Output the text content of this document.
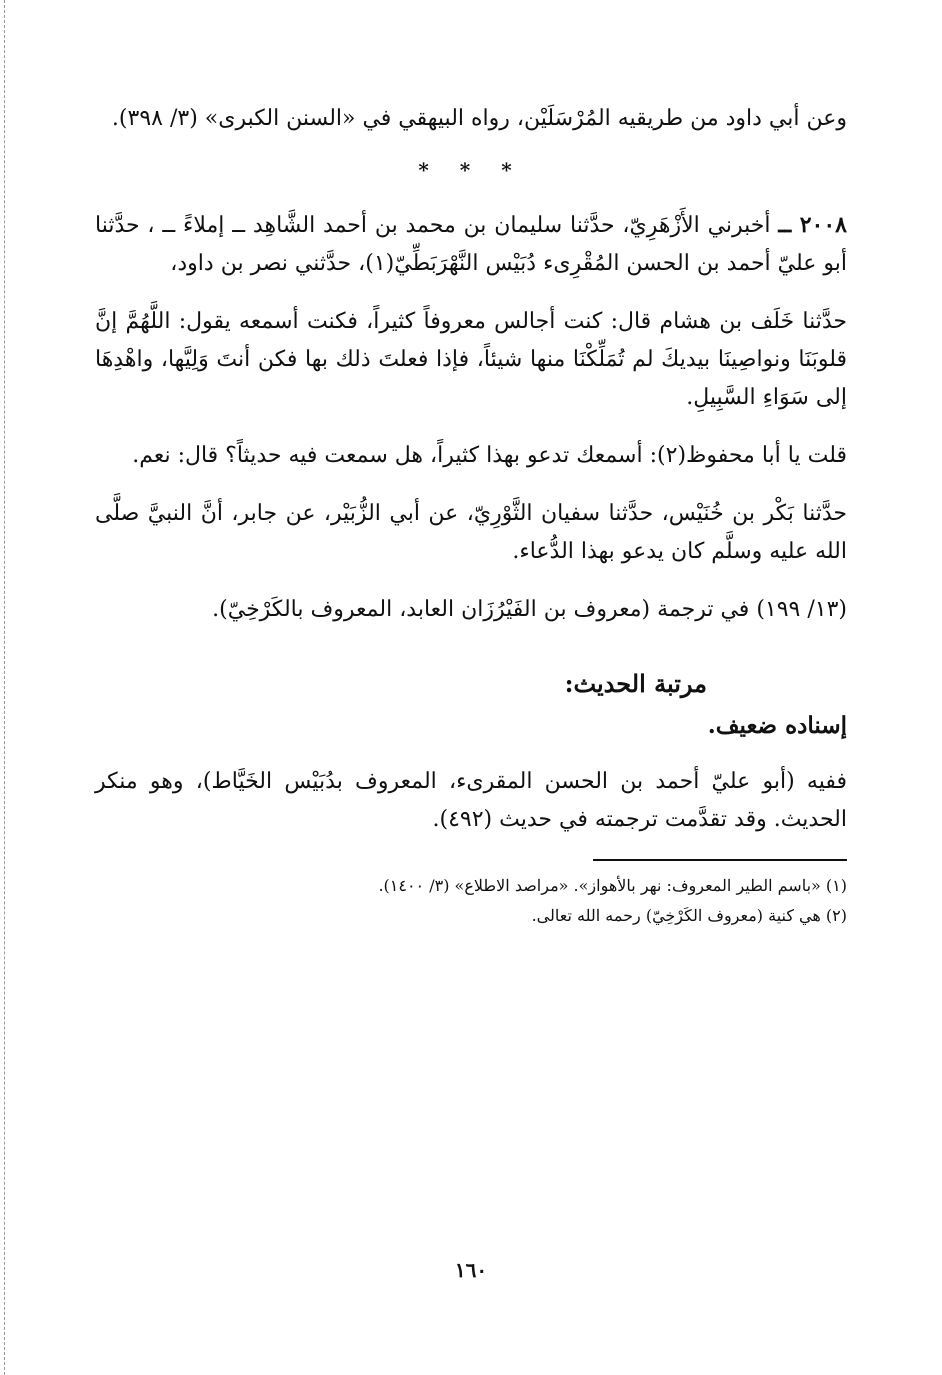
وعن أبي داود من طريقيه المُرْسَلَيْن، رواه البيهقي في «السنن الكبرى» (٣/ ٣٩٨).

* * *

٢٠٠٨ ــ أخبرني الأَزْهَرِيّ، حدَّثنا سليمان بن محمد بن أحمد الشَّاهِد ــ إملاءً ــ ، حدَّثنا أبو عليّ أحمد بن الحسن المُقْرِىء دُبَيْس النَّهْرَبَطِّيّ(١)، حدَّثني نصر بن داود،

حدَّثنا خَلَف بن هشام قال: كنت أجالس معروفاً كثيراً، فكنت أسمعه يقول: اللَّهُمَّ إنَّ قلوبَنَا ونواصِينَا بيديكَ لم تُمَلِّكْنَا منها شيئاً، فإذا فعلتَ ذلك بها فكن أنتَ وَلِيَّها، واهْدِهَا إلى سَوَاءِ السَّبِيلِ.

قلت يا أبا محفوظ(٢): أسمعك تدعو بهذا كثيراً، هل سمعت فيه حديثاً؟ قال: نعم.

حدَّثنا بَكْر بن خُنَيْس، حدَّثنا سفيان الثَّوْرِيّ، عن أبي الزُّبَيْر، عن جابر، أنَّ النبيَّ صلَّى الله عليه وسلَّم كان يدعو بهذا الدُّعاء.

(١٣/ ١٩٩) في ترجمة (معروف بن الفَيْرُزَان العابد، المعروف بالكَرْخِيّ).

مرتبة الحديث:
إسناده ضعيف.

ففيه (أبو عليّ أحمد بن الحسن المقرىء، المعروف بدُبَيْس الخَيَّاط)، وهو منكر الحديث. وقد تقدَّمت ترجمته في حديث (٤٩٢).

(١) «باسم الطير المعروف: نهر بالأهواز». «مراصد الاطلاع» (٣/ ١٤٠٠).

(٢) هي كنية (معروف الكَرْخِيّ) رحمه الله تعالى.

١٦٠
